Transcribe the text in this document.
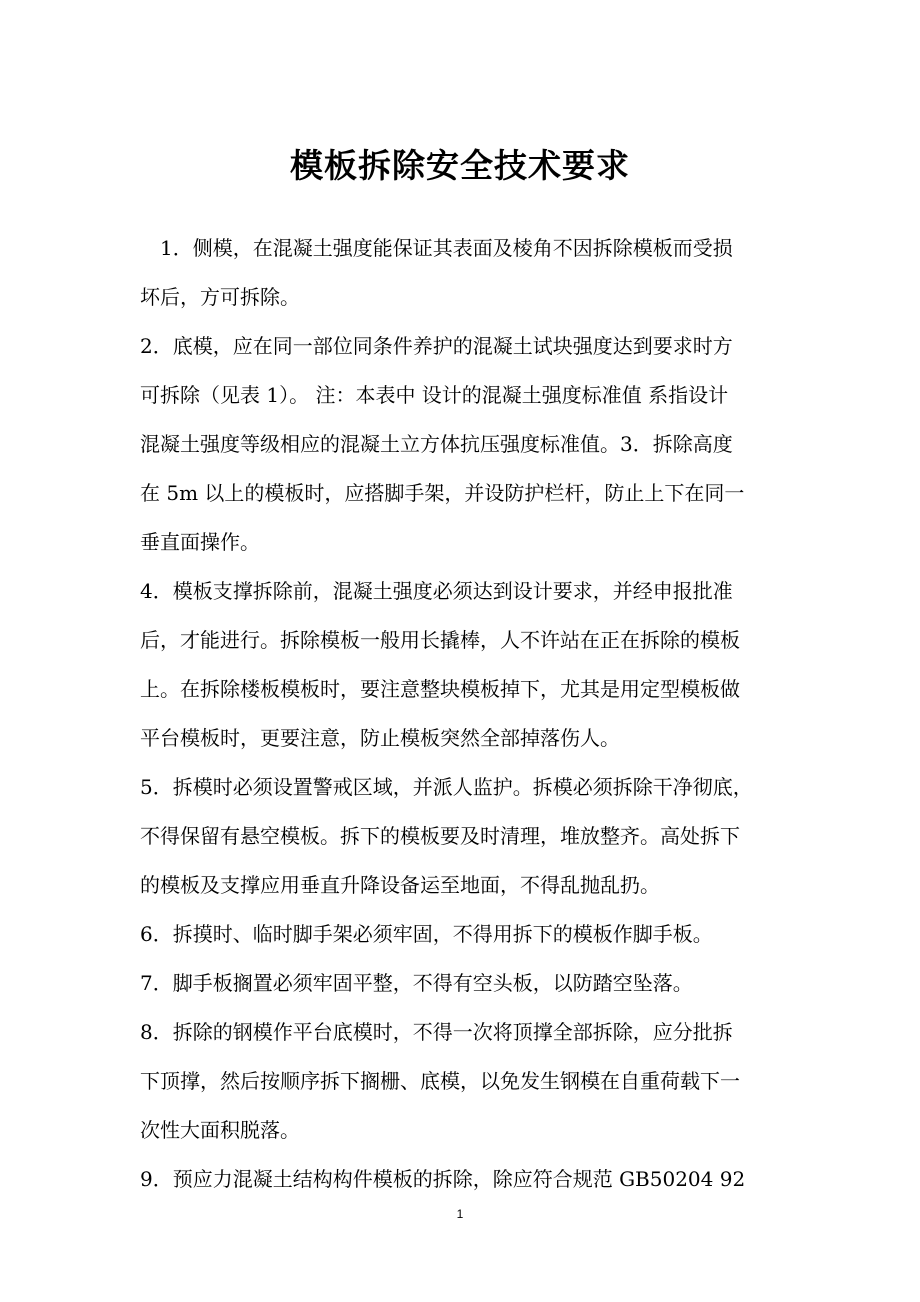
模板拆除安全技术要求
1．侧模，在混凝土强度能保证其表面及棱角不因拆除模板而受损
坏后，方可拆除。
2．底模，应在同一部位同条件养护的混凝土试块强度达到要求时方
可拆除（见表 1）。 注：本表中 设计的混凝土强度标准值 系指设计
混凝土强度等级相应的混凝土立方体抗压强度标准值。3．拆除高度
在 5m 以上的模板时，应搭脚手架，并设防护栏杆，防止上下在同一
垂直面操作。
4．模板支撑拆除前，混凝土强度必须达到设计要求，并经申报批准
后，才能进行。拆除模板一般用长撬棒，人不许站在正在拆除的模板
上。在拆除楼板模板时，要注意整块模板掉下，尤其是用定型模板做
平台模板时，更要注意，防止模板突然全部掉落伤人。
5．拆模时必须设置警戒区域，并派人监护。拆模必须拆除干净彻底，
不得保留有悬空模板。拆下的模板要及时清理，堆放整齐。高处拆下
的模板及支撑应用垂直升降设备运至地面，不得乱抛乱扔。
6．拆摸时、临时脚手架必须牢固，不得用拆下的模板作脚手板。
7．脚手板搁置必须牢固平整，不得有空头板，以防踏空坠落。
8．拆除的钢模作平台底模时，不得一次将顶撑全部拆除，应分批拆
下顶撑，然后按顺序拆下搁栅、底模，以免发生钢模在自重荷载下一
次性大面积脱落。
9．预应力混凝土结构构件模板的拆除，除应符合规范 GB50204 92
1
